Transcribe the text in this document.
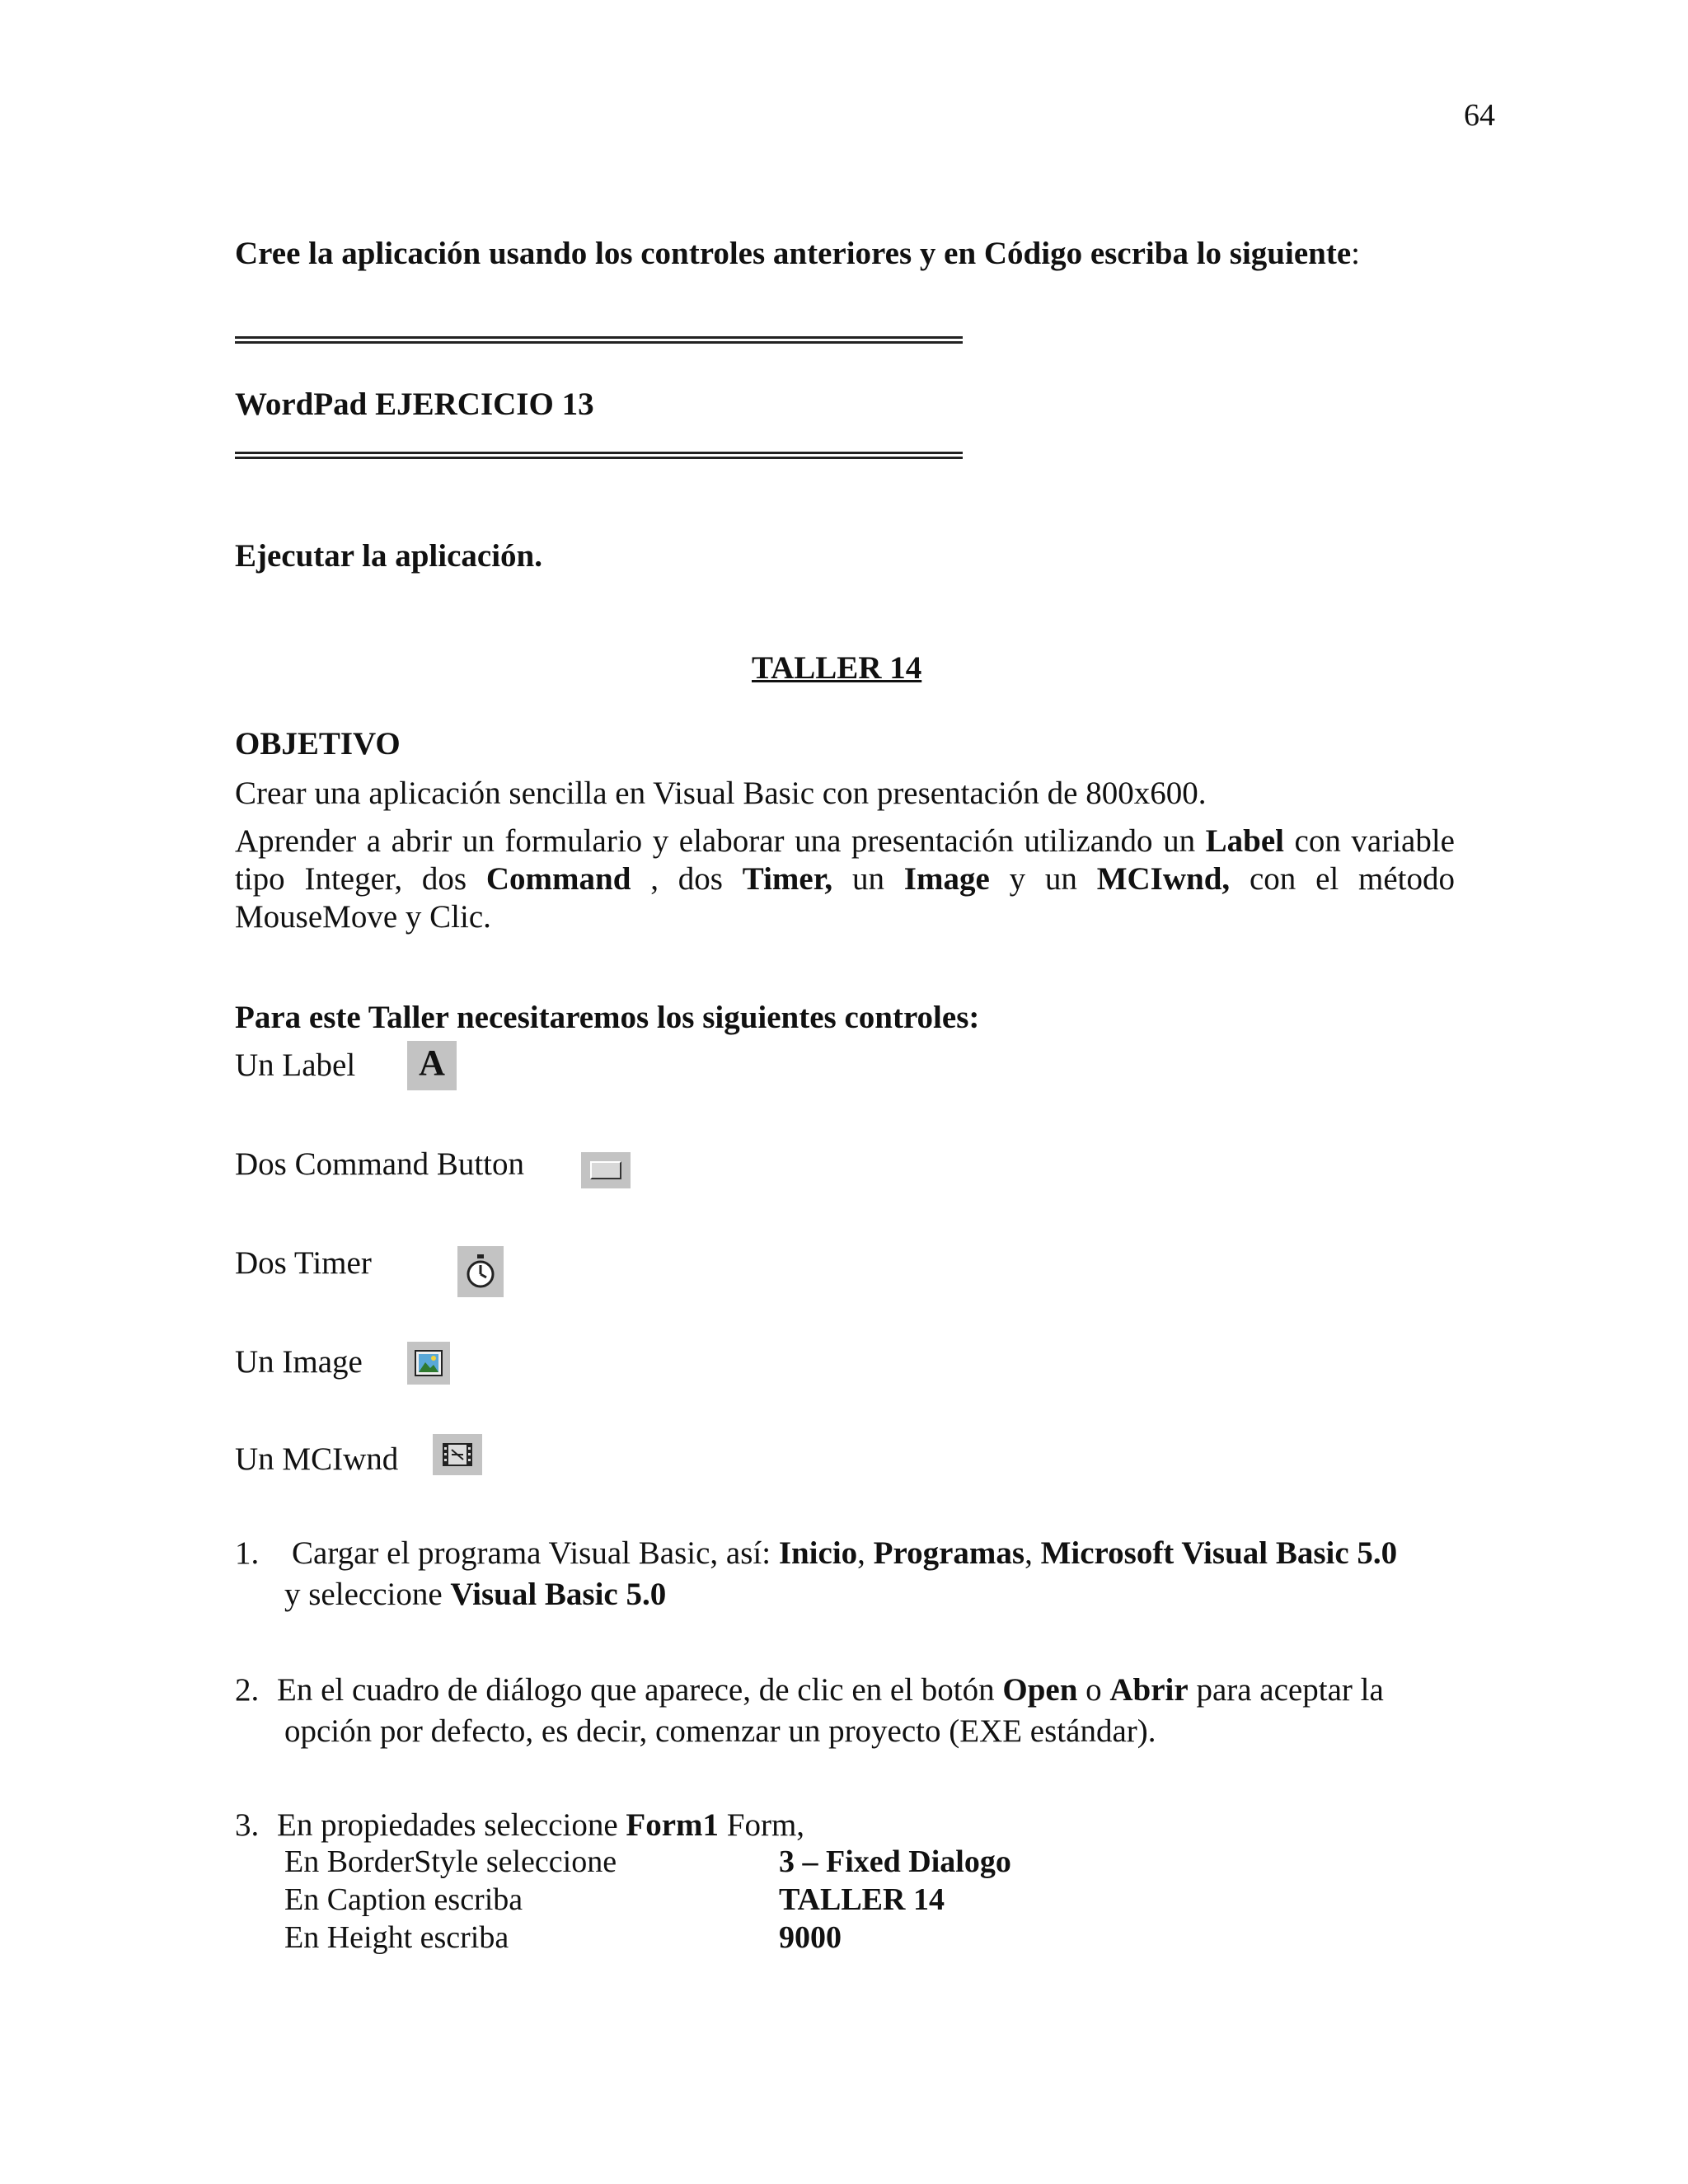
64
Cree la aplicación usando los controles anteriores y en Código escriba lo siguiente:
WordPad EJERCICIO 13
Ejecutar la aplicación.
TALLER 14
OBJETIVO
Crear una aplicación sencilla en Visual Basic con presentación de 800x600.
Aprender a abrir un formulario y elaborar una presentación utilizando un Label con variable tipo Integer, dos Command , dos Timer, un Image y un MCIwnd, con el método MouseMove y Clic.
Para este Taller necesitaremos los siguientes controles:
Un Label A
Dos Command Button
Dos Timer
Un Image
Un MCIwnd
1. Cargar el programa Visual Basic, así: Inicio, Programas, Microsoft Visual Basic 5.0
y seleccione Visual Basic 5.0
2. En el cuadro de diálogo que aparece, de clic en el botón Open o Abrir para aceptar la
opción por defecto, es decir, comenzar un proyecto (EXE estándar).
3. En propiedades seleccione Form1 Form,
En BorderStyle seleccione	3 – Fixed Dialogo
En Caption escriba	TALLER 14
En Height escriba	9000
